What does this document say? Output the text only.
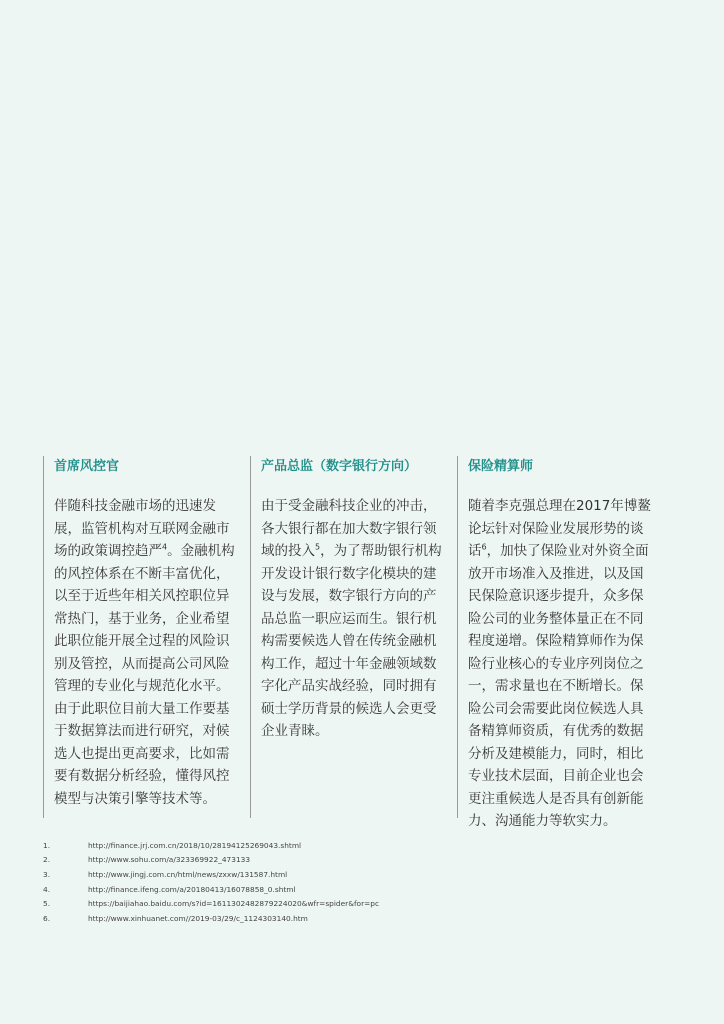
首席风控官

伴随科技金融市场的迅速发展，监管机构对互联网金融市场的政策调控趋严$^4$。金融机构的风控体系在不断丰富优化，以至于近些年相关风控职位异常热门，基于业务，企业希望此职位能开展全过程的风险识别及管控，从而提高公司风险管理的专业化与规范化水平。由于此职位目前大量工作要基于数据算法而进行研究，对候选人也提出更高要求，比如需要有数据分析经验，懂得风控模型与决策引擎等技术等。

产品总监（数字银行方向）

由于受金融科技企业的冲击，各大银行都在加大数字银行领域的投入$^5$，为了帮助银行机构开发设计银行数字化模块的建设与发展，数字银行方向的产品总监一职应运而生。银行机构需要候选人曾在传统金融机构工作，超过十年金融领域数字化产品实战经验，同时拥有硕士学历背景的候选人会更受企业青睐。

保险精算师

随着李克强总理在2017年博鳌论坛针对保险业发展形势的谈话$^6$，加快了保险业对外资全面放开市场准入及推进，以及国民保险意识逐步提升，众多保险公司的业务整体量正在不同程度递增。保险精算师作为保险行业核心的专业序列岗位之一，需求量也在不断增长。保险公司会需要此岗位候选人具备精算师资质，有优秀的数据分析及建模能力，同时，相比专业技术层面，目前企业也会更注重候选人是否具有创新能力、沟通能力等软实力。

1.	http://finance.jrj.com.cn/2018/10/28194125269043.shtml
2.	http://www.sohu.com/a/323369922_473133
3.	http://www.jingj.com.cn/html/news/zxxw/131587.html
4.	http://finance.ifeng.com/a/20180413/16078858_0.shtml
5.	https://baijiahao.baidu.com/s?id=1611302482879224020&wfr=spider&for=pc
6.	http://www.xinhuanet.com//2019-03/29/c_1124303140.htm
